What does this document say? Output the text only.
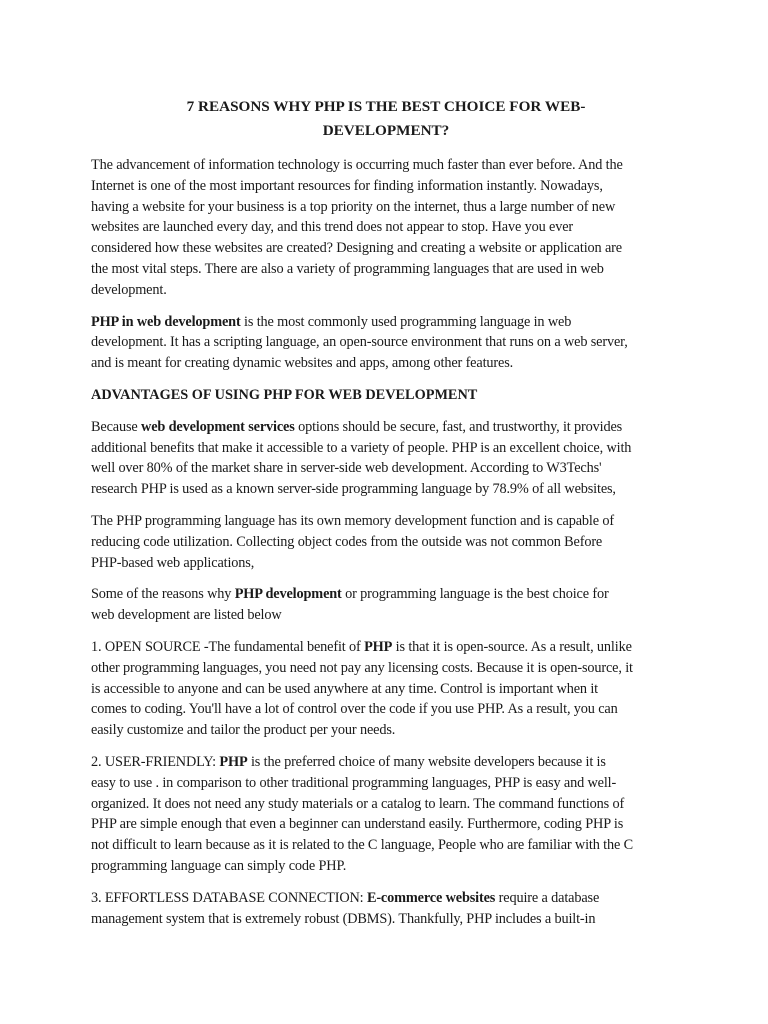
7 REASONS WHY PHP IS THE BEST CHOICE FOR WEB-
DEVELOPMENT?
The advancement of information technology is occurring much faster than ever before. And the
Internet is one of the most important resources for finding information instantly. Nowadays,
having a website for your business is a top priority on the internet, thus a large number of new
websites are launched every day, and this trend does not appear to stop. Have you ever
considered how these websites are created? Designing and creating a website or application are
the most vital steps. There are also a variety of programming languages that are used in web
development.
PHP in web development is the most commonly used programming language in web
development. It has a scripting language, an open-source environment that runs on a web server,
and is meant for creating dynamic websites and apps, among other features.
ADVANTAGES OF USING PHP FOR WEB DEVELOPMENT
Because web development services options should be secure, fast, and trustworthy, it provides
additional benefits that make it accessible to a variety of people. PHP is an excellent choice, with
well over 80% of the market share in server-side web development. According to W3Techs'
research PHP is used as a known server-side programming language by 78.9% of all websites,
The PHP programming language has its own memory development function and is capable of
reducing code utilization. Collecting object codes from the outside was not common Before
PHP-based web applications,
Some of the reasons why PHP development or programming language is the best choice for
web development are listed below
1. OPEN SOURCE -The fundamental benefit of PHP is that it is open-source. As a result, unlike
other programming languages, you need not pay any licensing costs. Because it is open-source, it
is accessible to anyone and can be used anywhere at any time. Control is important when it
comes to coding. You'll have a lot of control over the code if you use PHP. As a result, you can
easily customize and tailor the product per your needs.
2. USER-FRIENDLY: PHP is the preferred choice of many website developers because it is
easy to use . in comparison to other traditional programming languages, PHP is easy and well-
organized. It does not need any study materials or a catalog to learn. The command functions of
PHP are simple enough that even a beginner can understand easily. Furthermore, coding PHP is
not difficult to learn because as it is related to the C language, People who are familiar with the C
programming language can simply code PHP.
3. EFFORTLESS DATABASE CONNECTION: E-commerce websites require a database
management system that is extremely robust (DBMS). Thankfully, PHP includes a built-in
